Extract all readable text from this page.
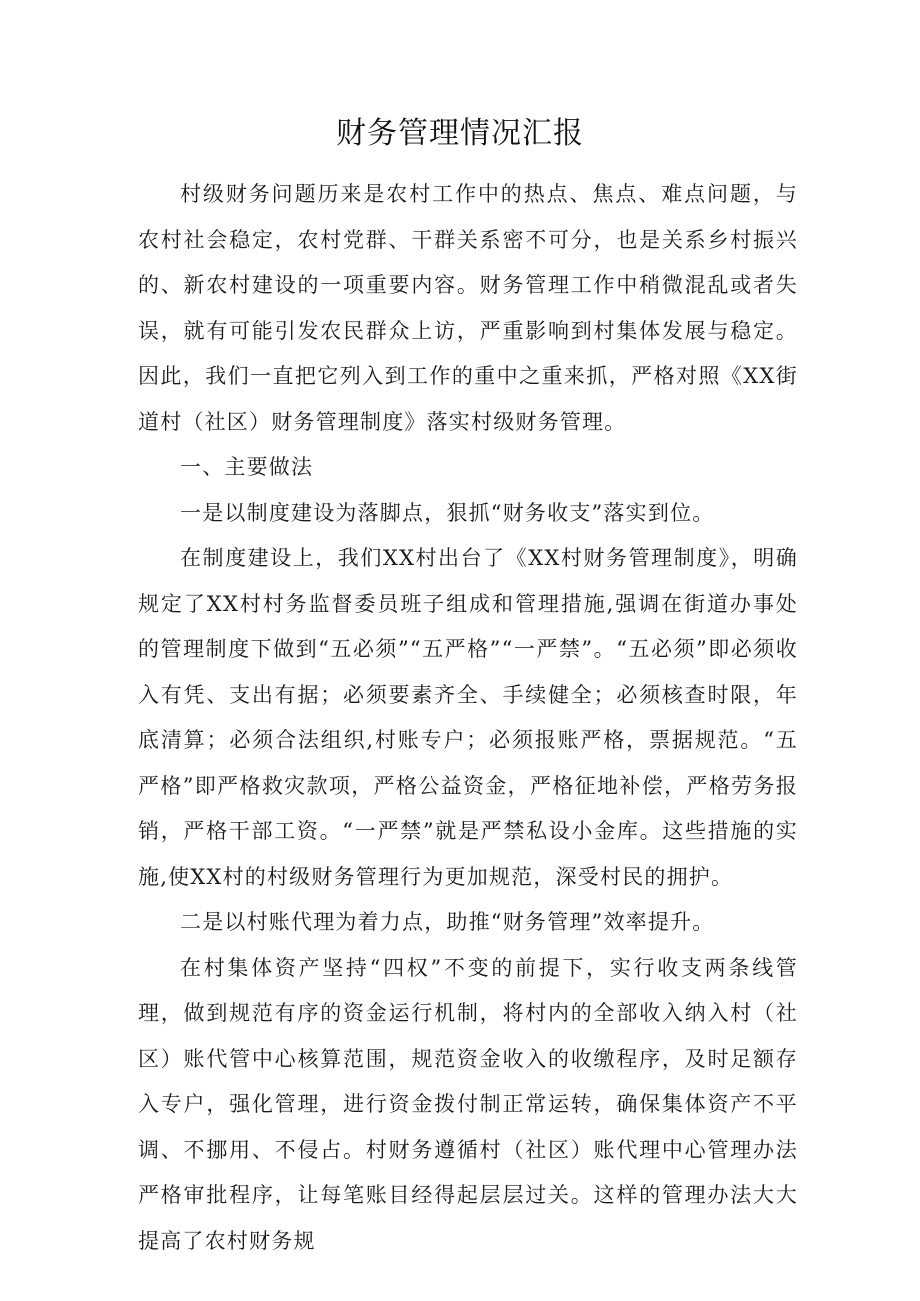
财务管理情况汇报

村级财务问题历来是农村工作中的热点、焦点、难点问题，与农村社会稳定，农村党群、干群关系密不可分，也是关系乡村振兴的、新农村建设的一项重要内容。财务管理工作中稍微混乱或者失误，就有可能引发农民群众上访，严重影响到村集体发展与稳定。因此，我们一直把它列入到工作的重中之重来抓，严格对照《XX街道村（社区）财务管理制度》落实村级财务管理。

一、主要做法

一是以制度建设为落脚点，狠抓“财务收支”落实到位。

在制度建设上，我们XX村出台了《XX村财务管理制度》，明确规定了XX村村务监督委员班子组成和管理措施,强调在街道办事处的管理制度下做到“五必须”“五严格”“一严禁”。“五必须”即必须收入有凭、支出有据；必须要素齐全、手续健全；必须核查时限，年底清算；必须合法组织,村账专户；必须报账严格，票据规范。“五严格”即严格救灾款项，严格公益资金，严格征地补偿，严格劳务报销，严格干部工资。“一严禁”就是严禁私设小金库。这些措施的实施,使XX村的村级财务管理行为更加规范，深受村民的拥护。

二是以村账代理为着力点，助推“财务管理”效率提升。

在村集体资产坚持“四权”不变的前提下，实行收支两条线管理，做到规范有序的资金运行机制，将村内的全部收入纳入村（社区）账代管中心核算范围，规范资金收入的收缴程序，及时足额存入专户，强化管理，进行资金拨付制正常运转，确保集体资产不平调、不挪用、不侵占。村财务遵循村（社区）账代理中心管理办法严格审批程序，让每笔账目经得起层层过关。这样的管理办法大大提高了农村财务规
